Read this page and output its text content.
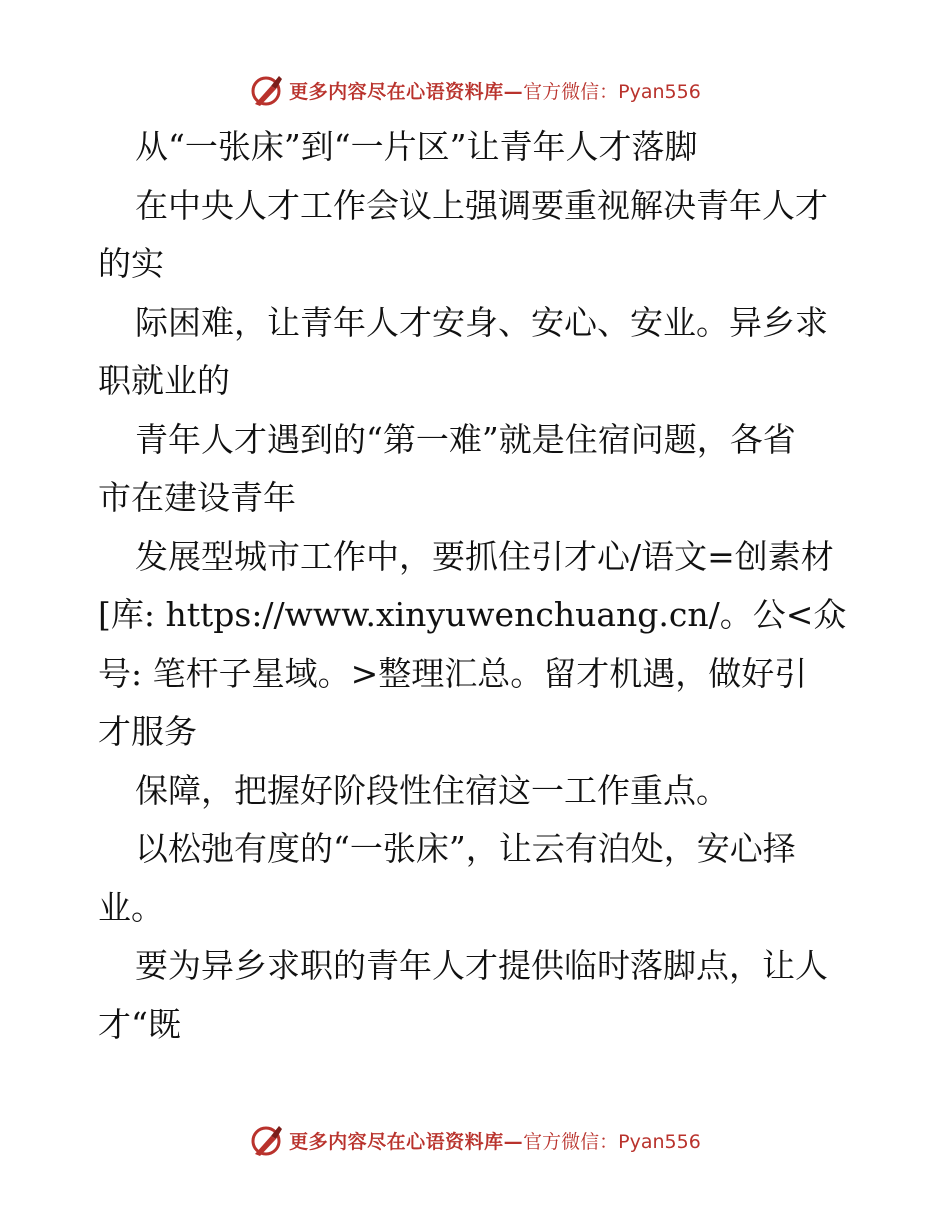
更多内容尽在心语资料库— 官方微信：Pyan556
从“一张床”到“一片区”让青年人才落脚
在中央人才工作会议上强调要重视解决青年人才
的实
际困难，让青年人才安身、安心、安业。异乡求
职就业的
青年人才遇到的“第一难”就是住宿问题，各省
市在建设青年
发展型城市工作中，要抓住引才心/语文=创素材
[库: https://www.xinyuwenchuang.cn/。公<众
号: 笔杆子星域。>整理汇总。留才机遇，做好引
才服务
保障，把握好阶段性住宿这一工作重点。
以松弛有度的“一张床”，让云有泊处，安心择
业。
要为异乡求职的青年人才提供临时落脚点，让人
才“既
更多内容尽在心语资料库— 官方微信：Pyan556
